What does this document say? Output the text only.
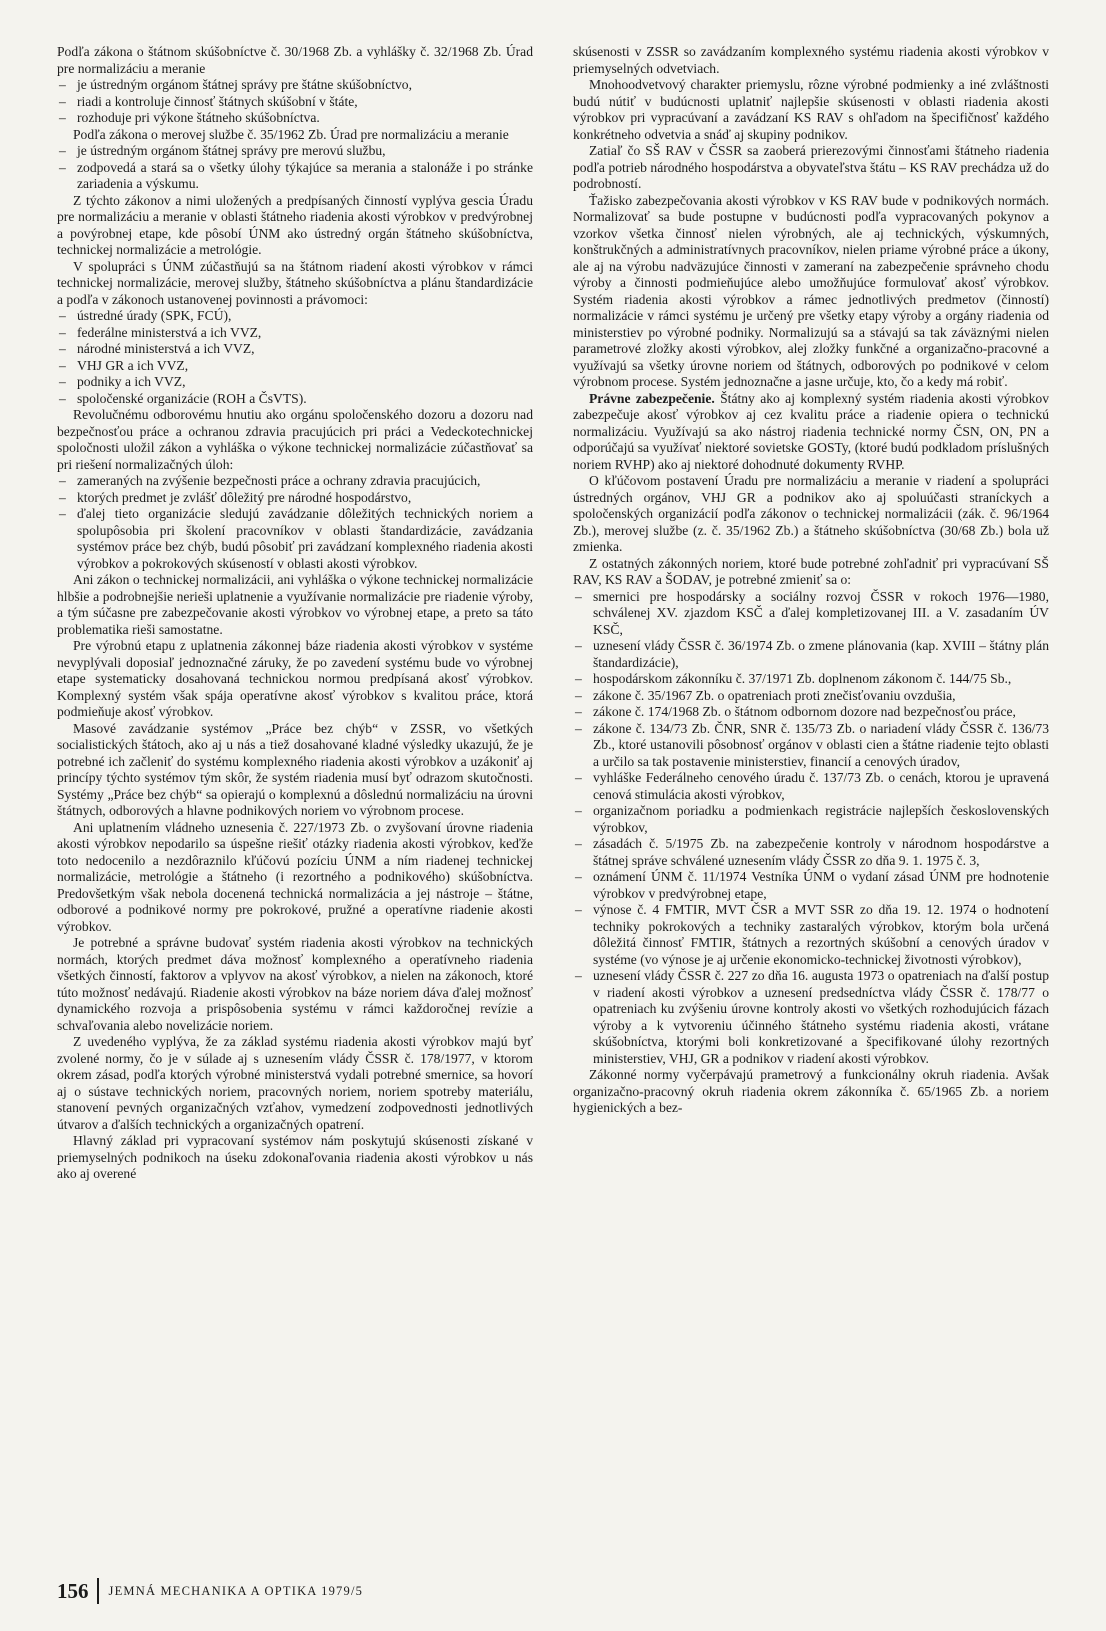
Podľa zákona o štátnom skúšobníctve č. 30/1968 Zb. a vyhlášky č. 32/1968 Zb. Úrad pre normalizáciu a meranie

– je ústredným orgánom štátnej správy pre štátne skúšobníctvo,

– riadi a kontroluje činnosť štátnych skúšobní v štáte,

– rozhoduje pri výkone štátneho skúšobníctva.

Podľa zákona o merovej službe č. 35/1962 Zb. Úrad pre normalizáciu a meranie

– je ústredným orgánom štátnej správy pre merovú službu,

– zodpovedá a stará sa o všetky úlohy týkajúce sa merania a stalonáže i po stránke zariadenia a výskumu.

Z týchto zákonov a nimi uložených a predpísaných činností vyplýva gescia Úradu pre normalizáciu a meranie v oblasti štátneho riadenia akosti výrobkov v predvýrobnej a povýrobnej etape, kde pôsobí ÚNM ako ústredný orgán štátneho skúšobníctva, technickej normalizácie a metrológie.

V spolupráci s ÚNM zúčastňujú sa na štátnom riadení akosti výrobkov v rámci technickej normalizácie, merovej služby, štátneho skúšobníctva a plánu štandardizácie a podľa v zákonoch ustanovenej povinnosti a právomoci:

– ústredné úrady (SPK, FCÚ),

– federálne ministerstvá a ich VVZ,

– národné ministerstvá a ich VVZ,

– VHJ GR a ich VVZ,

– podniky a ich VVZ,

– spoločenské organizácie (ROH a ČsVTS).

Revolučnému odborovému hnutiu ako orgánu spoločenského dozoru a dozoru nad bezpečnosťou práce a ochranou zdravia pracujúcich pri práci a Vedeckotechnickej spoločnosti uložil zákon a vyhláška o výkone technickej normalizácie zúčastňovať sa pri riešení normalizačných úloh:

– zameraných na zvýšenie bezpečnosti práce a ochrany zdravia pracujúcich,

– ktorých predmet je zvlášť dôležitý pre národné hospodárstvo,

– ďalej tieto organizácie sledujú zavádzanie dôležitých technických noriem a spolupôsobia pri školení pracovníkov v oblasti štandardizácie, zavádzania systémov práce bez chýb, budú pôsobiť pri zavádzaní komplexného riadenia akosti výrobkov a pokrokových skúseností v oblasti akosti výrobkov.

Ani zákon o technickej normalizácii, ani vyhláška o výkone technickej normalizácie hlbšie a podrobnejšie nerieši uplatnenie a využívanie normalizácie pre riadenie výroby, a tým súčasne pre zabezpečovanie akosti výrobkov vo výrobnej etape, a preto sa táto problematika rieši samostatne.

Pre výrobnú etapu z uplatnenia zákonnej báze riadenia akosti výrobkov v systéme nevyplývali doposiaľ jednoznačné záruky, že po zavedení systému bude vo výrobnej etape systematicky dosahovaná technickou normou predpísaná akosť výrobkov. Komplexný systém však spája operatívne akosť výrobkov s kvalitou práce, ktorá podmieňuje akosť výrobkov.

Masové zavádzanie systémov „Práce bez chýb“ v ZSSR, vo všetkých socialistických štátoch, ako aj u nás a tiež dosahované kladné výsledky ukazujú, že je potrebné ich začleniť do systému komplexného riadenia akosti výrobkov a uzákoniť aj princípy týchto systémov tým skôr, že systém riadenia musí byť odrazom skutočnosti. Systémy „Práce bez chýb“ sa opierajú o komplexnú a dôslednú normalizáciu na úrovni štátnych, odborových a hlavne podnikových noriem vo výrobnom procese.

Ani uplatnením vládneho uznesenia č. 227/1973 Zb. o zvyšovaní úrovne riadenia akosti výrobkov nepodarilo sa úspešne riešiť otázky riadenia akosti výrobkov, keďže toto nedocenilo a nezdôraznilo kľúčovú pozíciu ÚNM a ním riadenej technickej normalizácie, metrológie a štátneho (i rezortného a podnikového) skúšobníctva. Predovšetkým však nebola docenená technická normalizácia a jej nástroje – štátne, odborové a podnikové normy pre pokrokové, pružné a operatívne riadenie akosti výrobkov.

Je potrebné a správne budovať systém riadenia akosti výrobkov na technických normách, ktorých predmet dáva možnosť komplexného a operatívneho riadenia všetkých činností, faktorov a vplyvov na akosť výrobkov, a nielen na zákonoch, ktoré túto možnosť nedávajú. Riadenie akosti výrobkov na báze noriem dáva ďalej možnosť dynamického rozvoja a prispôsobenia systému v rámci každoročnej revízie a schvaľovania alebo novelizácie noriem.

Z uvedeného vyplýva, že za základ systému riadenia akosti výrobkov majú byť zvolené normy, čo je v súlade aj s uznesením vlády ČSSR č. 178/1977, v ktorom okrem zásad, podľa ktorých výrobné ministerstvá vydali potrebné smernice, sa hovorí aj o sústave technických noriem, pracovných noriem, noriem spotreby materiálu, stanovení pevných organizačných vzťahov, vymedzení zodpovednosti jednotlivých útvarov a ďalších technických a organizačných opatrení.

Hlavný základ pri vypracovaní systémov nám poskytujú skúsenosti získané v priemyselných podnikoch na úseku zdokonaľovania riadenia akosti výrobkov u nás ako aj overené

skúsenosti v ZSSR so zavádzaním komplexného systému riadenia akosti výrobkov v priemyselných odvetviach.

Mnohoodvetvový charakter priemyslu, rôzne výrobné podmienky a iné zvláštnosti budú nútiť v budúcnosti uplatniť najlepšie skúsenosti v oblasti riadenia akosti výrobkov pri vypracúvaní a zavádzaní KS RAV s ohľadom na špecifičnosť každého konkrétneho odvetvia a snáď aj skupiny podnikov.

Zatiaľ čo SŠ RAV v ČSSR sa zaoberá prierezovými činnosťami štátneho riadenia podľa potrieb národného hospodárstva a obyvateľstva štátu – KS RAV prechádza už do podrobností.

Ťažisko zabezpečovania akosti výrobkov v KS RAV bude v podnikových normách. Normalizovať sa bude postupne v budúcnosti podľa vypracovaných pokynov a vzorkov všetka činnosť nielen výrobných, ale aj technických, výskumných, konštrukčných a administratívnych pracovníkov, nielen priame výrobné práce a úkony, ale aj na výrobu nadväzujúce činnosti v zameraní na zabezpečenie správneho chodu výroby a činnosti podmieňujúce alebo umožňujúce formulovať akosť výrobkov. Systém riadenia akosti výrobkov a rámec jednotlivých predmetov (činností) normalizácie v rámci systému je určený pre všetky etapy výroby a orgány riadenia od ministerstiev po výrobné podniky. Normalizujú sa a stávajú sa tak záväznými nielen parametrové zložky akosti výrobkov, alej zložky funkčné a organizačno-pracovné a využívajú sa všetky úrovne noriem od štátnych, odborových po podnikové v celom výrobnom procese. Systém jednoznačne a jasne určuje, kto, čo a kedy má robiť.

Právne zabezpečenie. Štátny ako aj komplexný systém riadenia akosti výrobkov zabezpečuje akosť výrobkov aj cez kvalitu práce a riadenie opiera o technickú normalizáciu. Využívajú sa ako nástroj riadenia technické normy ČSN, ON, PN a odporúčajú sa využívať niektoré sovietske GOSTy, (ktoré budú podkladom príslušných noriem RVHP) ako aj niektoré dohodnuté dokumenty RVHP.

O kľúčovom postavení Úradu pre normalizáciu a meranie v riadení a spolupráci ústredných orgánov, VHJ GR a podnikov ako aj spoluúčasti straníckych a spoločenských organizácií podľa zákonov o technickej normalizácii (zák. č. 96/1964 Zb.), merovej službe (z. č. 35/1962 Zb.) a štátneho skúšobníctva (30/68 Zb.) bola už zmienka.

Z ostatných zákonných noriem, ktoré bude potrebné zohľadniť pri vypracúvaní SŠ RAV, KS RAV a ŠODAV, je potrebné zmieniť sa o:

– smernici pre hospodársky a sociálny rozvoj ČSSR v rokoch 1976—1980, schválenej XV. zjazdom KSČ a ďalej kompletizovanej III. a V. zasadaním ÚV KSČ,

– uznesení vlády ČSSR č. 36/1974 Zb. o zmene plánovania (kap. XVIII – štátny plán štandardizácie),

– hospodárskom zákonníku č. 37/1971 Zb. doplnenom zákonom č. 144/75 Sb.,

– zákone č. 35/1967 Zb. o opatreniach proti znečisťovaniu ovzdušia,

– zákone č. 174/1968 Zb. o štátnom odbornom dozore nad bezpečnosťou práce,

– zákone č. 134/73 Zb. ČNR, SNR č. 135/73 Zb. o nariadení vlády ČSSR č. 136/73 Zb., ktoré ustanovili pôsobnosť orgánov v oblasti cien a štátne riadenie tejto oblasti a určilo sa tak postavenie ministerstiev, financií a cenových úradov,

– vyhláške Federálneho cenového úradu č. 137/73 Zb. o cenách, ktorou je upravená cenová stimulácia akosti výrobkov,

– organizačnom poriadku a podmienkach registrácie najlepších československých výrobkov,

– zásadách č. 5/1975 Zb. na zabezpečenie kontroly v národnom hospodárstve a štátnej správe schválené uznesením vlády ČSSR zo dňa 9. 1. 1975 č. 3,

– oznámení ÚNM č. 11/1974 Vestníka ÚNM o vydaní zásad ÚNM pre hodnotenie výrobkov v predvýrobnej etape,

– výnose č. 4 FMTIR, MVT ČSR a MVT SSR zo dňa 19. 12. 1974 o hodnotení techniky pokrokových a techniky zastaralých výrobkov, ktorým bola určená dôležitá činnosť FMTIR, štátnych a rezortných skúšobní a cenových úradov v systéme (vo výnose je aj určenie ekonomicko-technickej životnosti výrobkov),

– uznesení vlády ČSSR č. 227 zo dňa 16. augusta 1973 o opatreniach na ďalší postup v riadení akosti výrobkov a uznesení predsedníctva vlády ČSSR č. 178/77 o opatreniach ku zvýšeniu úrovne kontroly akosti vo všetkých rozhodujúcich fázach výroby a k vytvoreniu účinného štátneho systému riadenia akosti, vrátane skúšobníctva, ktorými boli konkretizované a špecifikované úlohy rezortných ministerstiev, VHJ, GR a podnikov v riadení akosti výrobkov.

Zákonné normy vyčerpávajú prametrový a funkcionálny okruh riadenia. Avšak organizačno-pracovný okruh riadenia okrem zákonníka č. 65/1965 Zb. a noriem hygienických a bez-

156 JEMNÁ MECHANIKA A OPTIKA 1979/5
